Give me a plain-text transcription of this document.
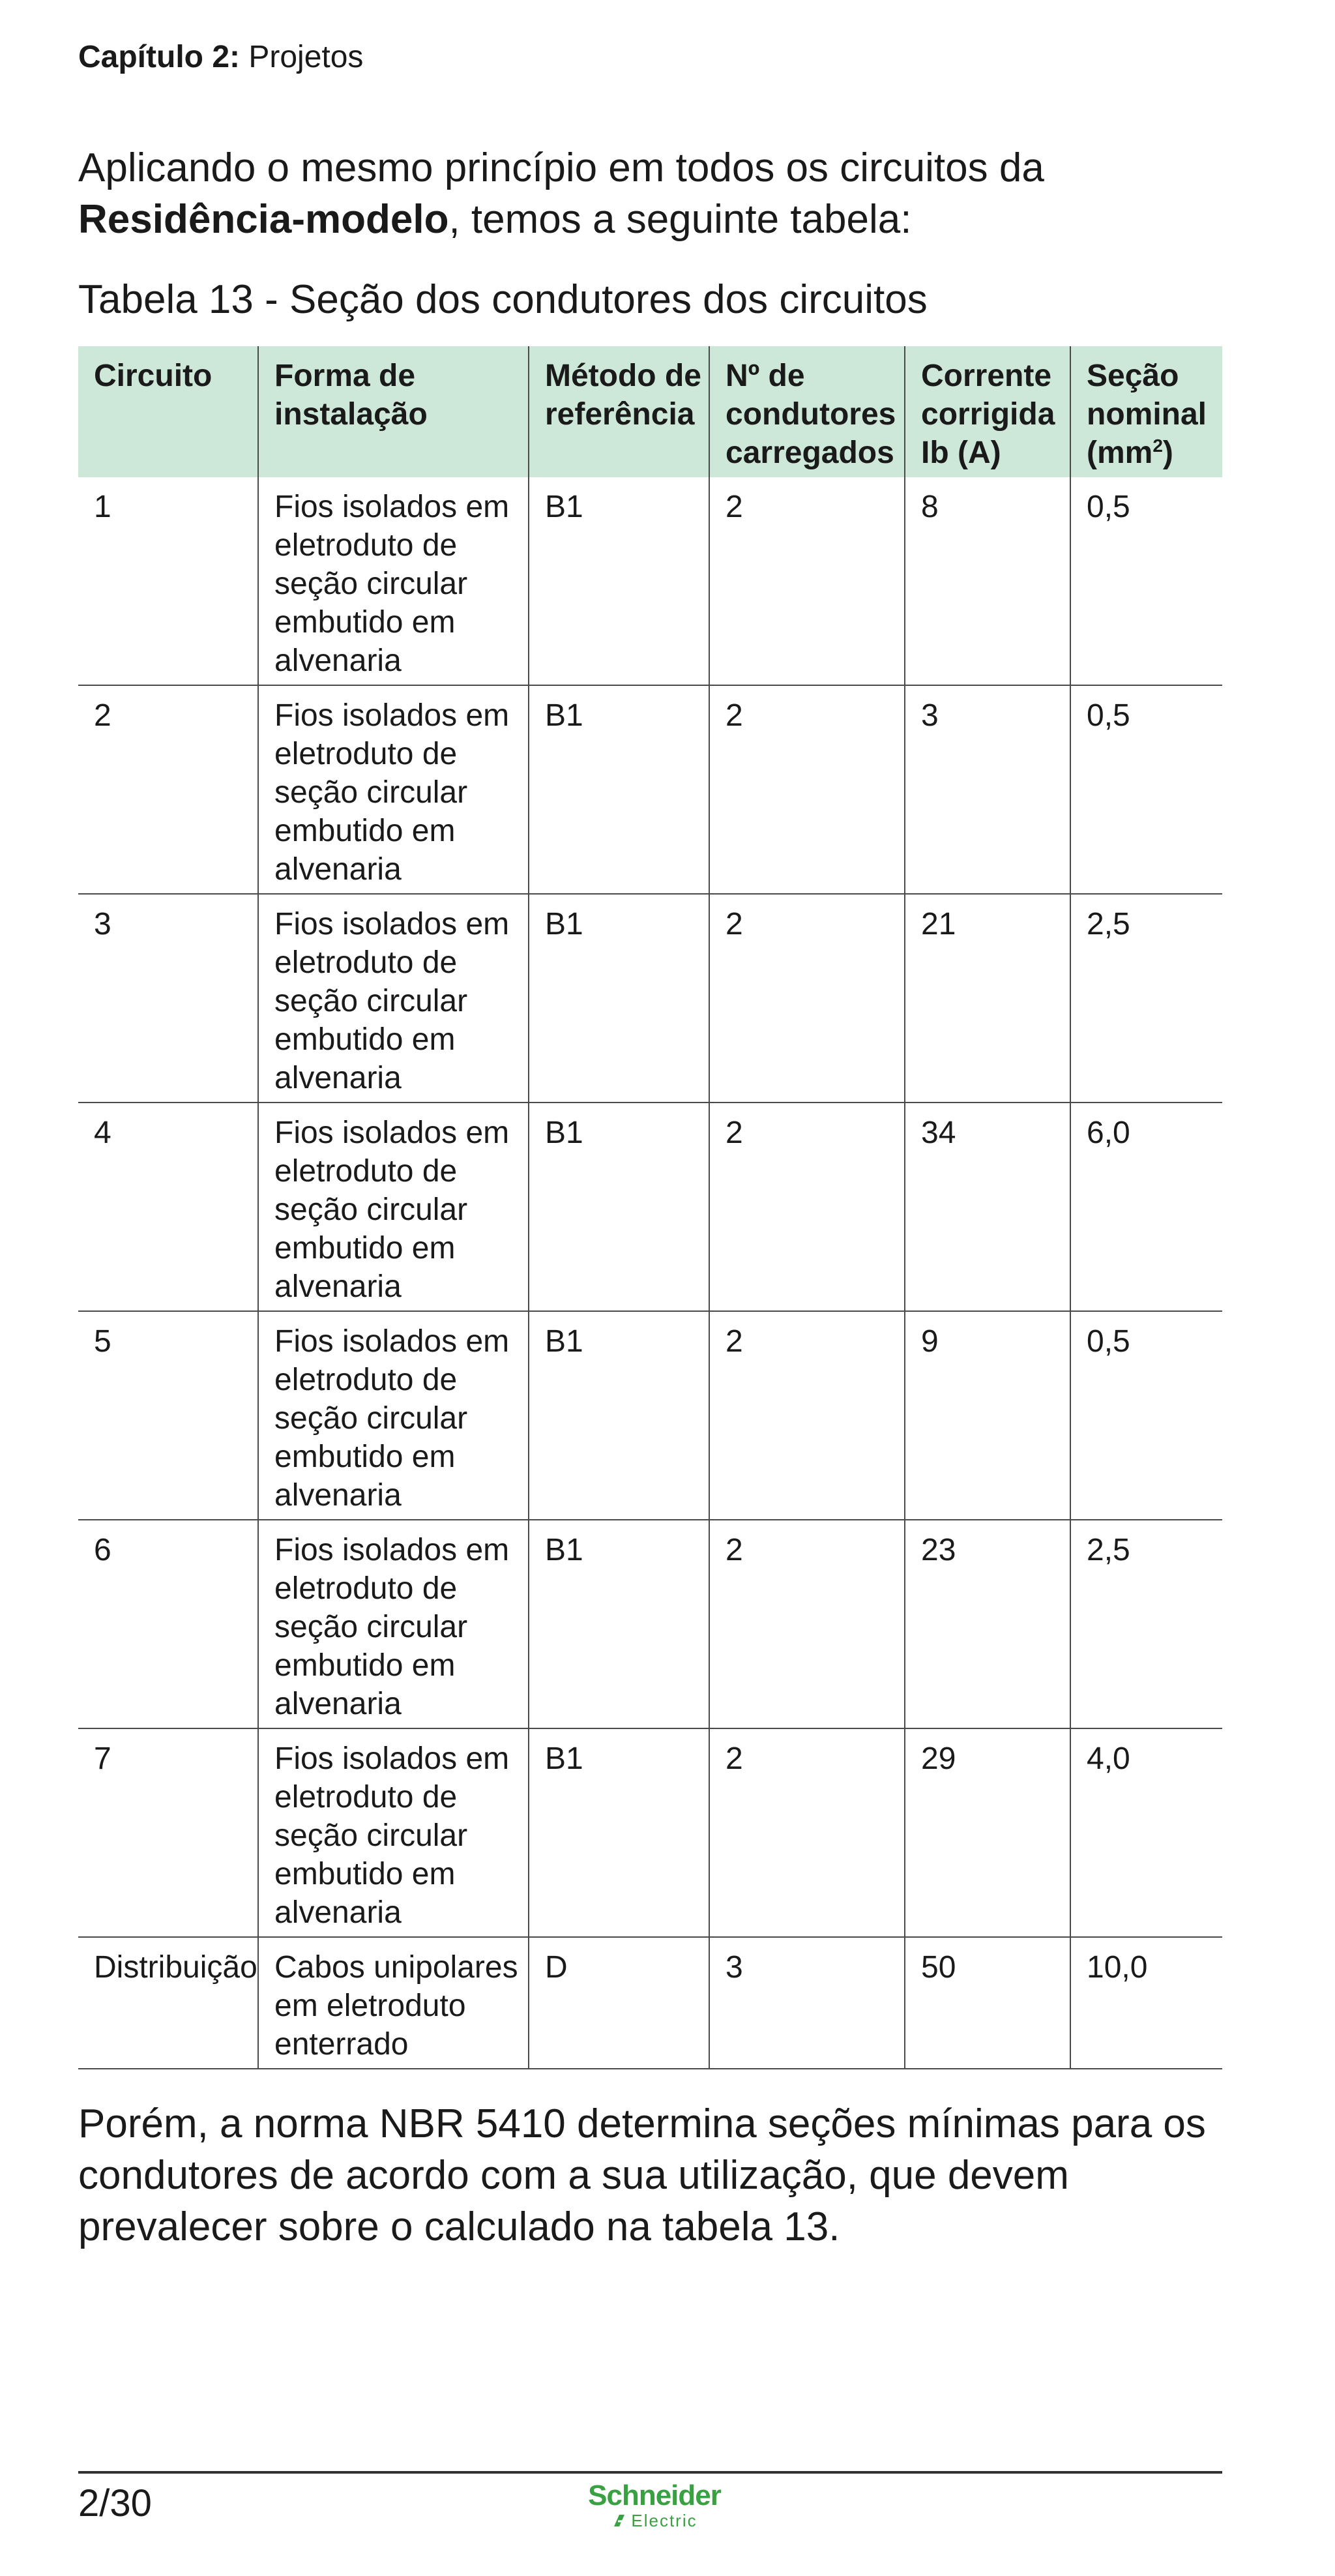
Capítulo 2: Projetos

Aplicando o mesmo princípio em todos os circuitos da Residência-modelo, temos a seguinte tabela:

Tabela 13 - Seção dos condutores dos circuitos
Circuito	Forma de instalação	Método de referência	Nº de condutores carregados	Corrente corrigida Ib (A)	Seção nominal $(mm^2)$
1	Fios isolados em eletroduto de seção circular embutido em alvenaria	B1	2	8	0,5
2	Fios isolados em eletroduto de seção circular embutido em alvenaria	B1	2	3	0,5
3	Fios isolados em eletroduto de seção circular embutido em alvenaria	B1	2	21	2,5
4	Fios isolados em eletroduto de seção circular embutido em alvenaria	B1	2	34	6,0
5	Fios isolados em eletroduto de seção circular embutido em alvenaria	B1	2	9	0,5
6	Fios isolados em eletroduto de seção circular embutido em alvenaria	B1	2	23	2,5
7	Fios isolados em eletroduto de seção circular embutido em alvenaria	B1	2	29	4,0
Distribuição	Cabos unipolares em eletroduto enterrado	D	3	50	10,0

Porém, a norma NBR 5410 determina seções mínimas para os condutores de acordo com a sua utilização, que devem prevalecer sobre o calculado na tabela 13.

2/30	Schneider
Electric
